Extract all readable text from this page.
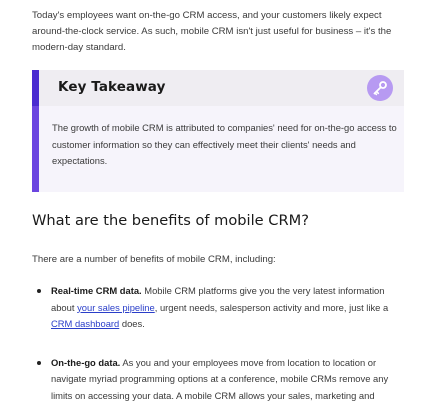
Today's employees want on-the-go CRM access, and your customers likely expect around-the-clock service. As such, mobile CRM isn't just useful for business – it's the modern-day standard.

Key Takeaway
The growth of mobile CRM is attributed to companies' need for on-the-go access to customer information so they can effectively meet their clients' needs and expectations.
What are the benefits of mobile CRM?

There are a number of benefits of mobile CRM, including:

Real-time CRM data. Mobile CRM platforms give you the very latest information about your sales pipeline, urgent needs, salesperson activity and more, just like a CRM dashboard does.
On-the-go data. As you and your employees move from location to location or navigate myriad programming options at a conference, mobile CRMs remove any limits on accessing your data. A mobile CRM allows your sales, marketing and
